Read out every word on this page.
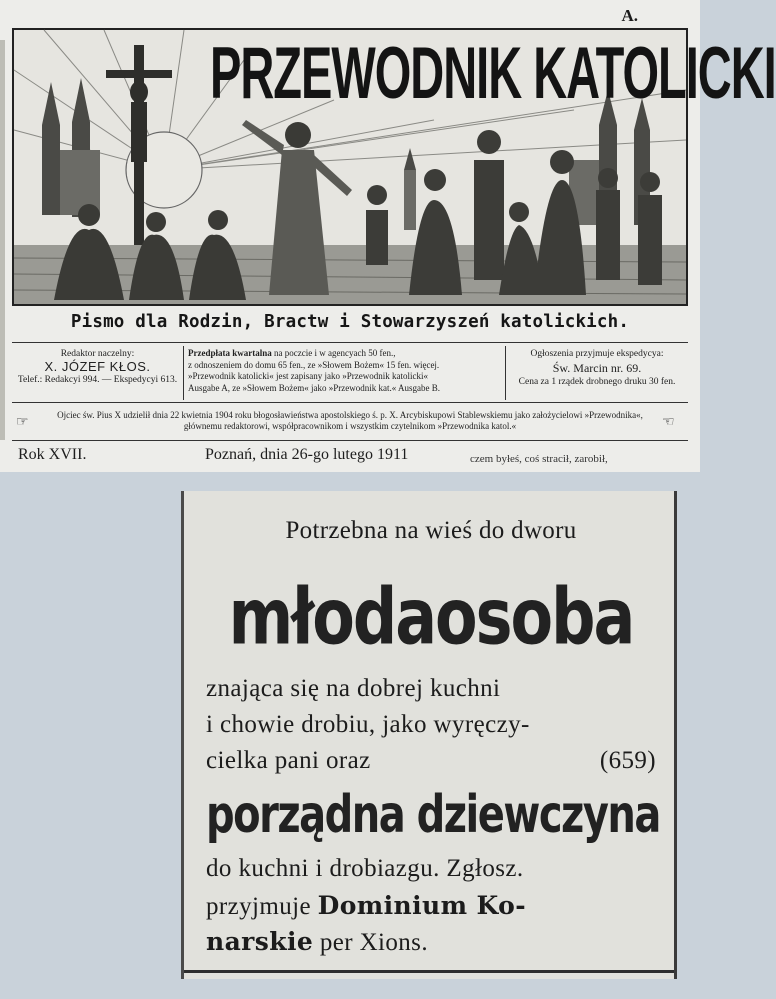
A.
PRZEWODNIK KATOLICKI
Pismo dla Rodzin, Bractw i Stowarzyszeń katolickich.
Redaktor naczelny:
X. JÓZEF KŁOS.
Telef.: Redakcyi 994. — Ekspedycyi 613.
Przedpłata kwartalna na poczcie i w agencyach 50 fen.,
z odnoszeniem do domu 65 fen., ze »Słowem Bożem« 15 fen. więcej.
»Przewodnik katolicki« jest zapisany jako »Przewodnik katolicki«
Ausgabe A, ze »Słowem Bożem« jako »Przewodnik kat.« Ausgabe B.
Ogłoszenia przyjmuje ekspedycya:
Św. Marcin nr. 69.
Cena za 1 rządek drobnego druku 30 fen.
☞	Ojciec św. Pius X udzielił dnia 22 kwietnia 1904 roku błogosławieństwa apostolskiego ś. p. X. Arcybiskupowi Stablewskiemu jako założycielowi »Przewodnika«, głównemu redaktorowi, współpracownikom i wszystkim czytelnikom »Przewodnika katol.«	☜
Rok XVII.	Poznań, dnia 26-go lutego 1911	czem byłeś, coś stracił, zarobił,
Potrzebna na wieś do dworu
młodaosoba
znająca się na dobrej kuchni
i chowie drobiu, jako wyręczy-
cielka pani oraz	(659)
porządna dziewczyna
do kuchni i drobiazgu. Zgłosz.
przyjmuje Dominium Ko-
narskie per Xions.
